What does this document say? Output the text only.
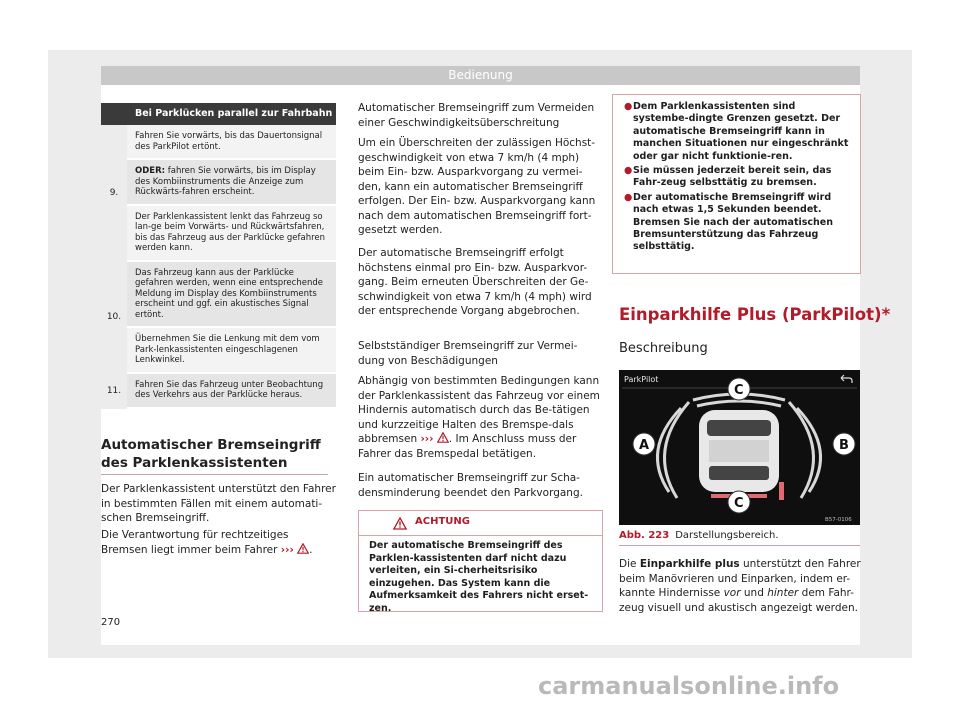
Bedienung
Bei Parklücken parallel zur Fahrbahn
9.
Fahren Sie vorwärts, bis das Dauertonsignal des ParkPilot ertönt.
ODER: fahren Sie vorwärts, bis im Display des Kombiinstruments die Anzeige zum Rückwärts-fahren erscheint.
Der Parklenkassistent lenkt das Fahrzeug so lan-ge beim Vorwärts- und Rückwärtsfahren, bis das Fahrzeug aus der Parklücke gefahren werden kann.
10.
Das Fahrzeug kann aus der Parklücke gefahren werden, wenn eine entsprechende Meldung im Display des Kombiinstruments erscheint und ggf. ein akustisches Signal ertönt.
Übernehmen Sie die Lenkung mit dem vom Park-lenkassistenten eingeschlagenen Lenkwinkel.
11.
Fahren Sie das Fahrzeug unter Beobachtung des Verkehrs aus der Parklücke heraus.
Automatischer Bremseingriff des Parklenkassistenten
Der Parklenkassistent unterstützt den Fahrer in bestimmten Fällen mit einem automati-schen Bremseingriff.
Die Verantwortung für rechtzeitiges Bremsen liegt immer beim Fahrer ››› .
Automatischer Bremseingriff zum Vermeiden einer Geschwindigkeitsüberschreitung
Um ein Überschreiten der zulässigen Höchst-geschwindigkeit von etwa 7 km/h (4 mph) beim Ein- bzw. Ausparkvorgang zu vermei-den, kann ein automatischer Bremseingriff erfolgen. Der Ein- bzw. Ausparkvorgang kann nach dem automatischen Bremseingriff fort-gesetzt werden.
Der automatische Bremseingriff erfolgt höchstens einmal pro Ein- bzw. Ausparkvor-gang. Beim erneuten Überschreiten der Ge-schwindigkeit von etwa 7 km/h (4 mph) wird der entsprechende Vorgang abgebrochen.
Selbstständiger Bremseingriff zur Vermei-dung von Beschädigungen
Abhängig von bestimmten Bedingungen kann der Parklenkassistent das Fahrzeug vor einem Hindernis automatisch durch das Be-tätigen und kurzzeitige Halten des Bremspe-dals abbremsen ››› . Im Anschluss muss der Fahrer das Bremspedal betätigen.
Ein automatischer Bremseingriff zur Scha-densminderung beendet den Parkvorgang.
ACHTUNG
Der automatische Bremseingriff des Parklen-kassistenten darf nicht dazu verleiten, ein Si-cherheitsrisiko einzugehen. Das System kann die Aufmerksamkeit des Fahrers nicht erset-zen.
● Dem Parklenkassistenten sind systembe-dingte Grenzen gesetzt. Der automatische Bremseingriff kann in manchen Situationen nur eingeschränkt oder gar nicht funktionie-ren.
● Sie müssen jederzeit bereit sein, das Fahr-zeug selbsttätig zu bremsen.
● Der automatische Bremseingriff wird nach etwas 1,5 Sekunden beendet. Bremsen Sie nach der automatischen Bremsunterstützung das Fahrzeug selbsttätig.
Einparkhilfe Plus (ParkPilot)*
Beschreibung
ParkPilot
C
A	B
C
B57-0106
Abb. 223 Darstellungsbereich.
Die Einparkhilfe plus unterstützt den Fahrer beim Manövrieren und Einparken, indem er-kannte Hindernisse vor und hinter dem Fahr-zeug visuell und akustisch angezeigt werden.
270
carmanualsonline.info
